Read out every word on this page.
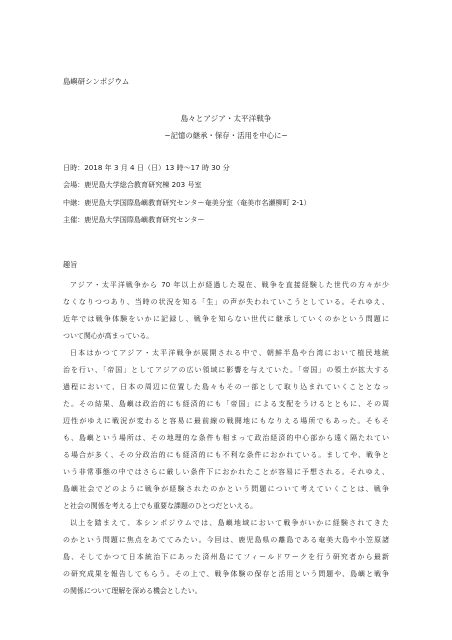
島嶼研シンポジウム
島々とアジア・太平洋戦争
−記憶の継承・保存・活用を中心に−
日時：2018 年 3 月 4 日（日）13 時〜17 時 30 分
会場：鹿児島大学総合教育研究棟 203 号室
中継：鹿児島大学国際島嶼教育研究センター奄美分室（奄美市名瀬柳町 2-1）
主催：鹿児島大学国際島嶼教育研究センター
趣旨
アジア・太平洋戦争から 70 年以上が経過した現在、戦争を直接経験した世代の方々が少
なくなりつつあり、当時の状況を知る「生」の声が失われていこうとしている。それゆえ、
近年では戦争体験をいかに記録し、戦争を知らない世代に継承していくのかという問題に
ついて関心が高まっている。
日本はかつてアジア・太平洋戦争が展開される中で、朝鮮半島や台湾において植民地統
治を行い、「帝国」としてアジアの広い領域に影響を与えていた。「帝国」の領土が拡大する
過程において、日本の周辺に位置した島々もその一部として取り込まれていくこととなっ
た。その結果、島嶼は政治的にも経済的にも「帝国」による支配をうけるとともに、その周
辺性がゆえに戦況が変わると容易に最前線の戦闘地にもなりえる場所でもあった。そもそ
も、島嶼という場所は、その地理的な条件も相まって政治経済的中心部から遠く隔たれてい
る場合が多く、その分政治的にも経済的にも不利な条件におかれている。ましてや、戦争と
いう非常事態の中ではさらに厳しい条件下におかれたことが容易に予想される。それゆえ、
島嶼社会でどのように戦争が経験されたのかという問題について考えていくことは、戦争
と社会の関係を考える上でも重要な課題のひとつだといえる。
以上を踏まえて、本シンポジウムでは、島嶼地域において戦争がいかに経験されてきた
のかという問題に焦点をあててみたい。今回は、鹿児島県の離島である奄美大島や小笠原諸
島、そしてかつて日本統治下にあった済州島にてフィールドワークを行う研究者から最新
の研究成果を報告してもらう。その上で、戦争体験の保存と活用という問題や、島嶼と戦争
の関係について理解を深める機会としたい。
